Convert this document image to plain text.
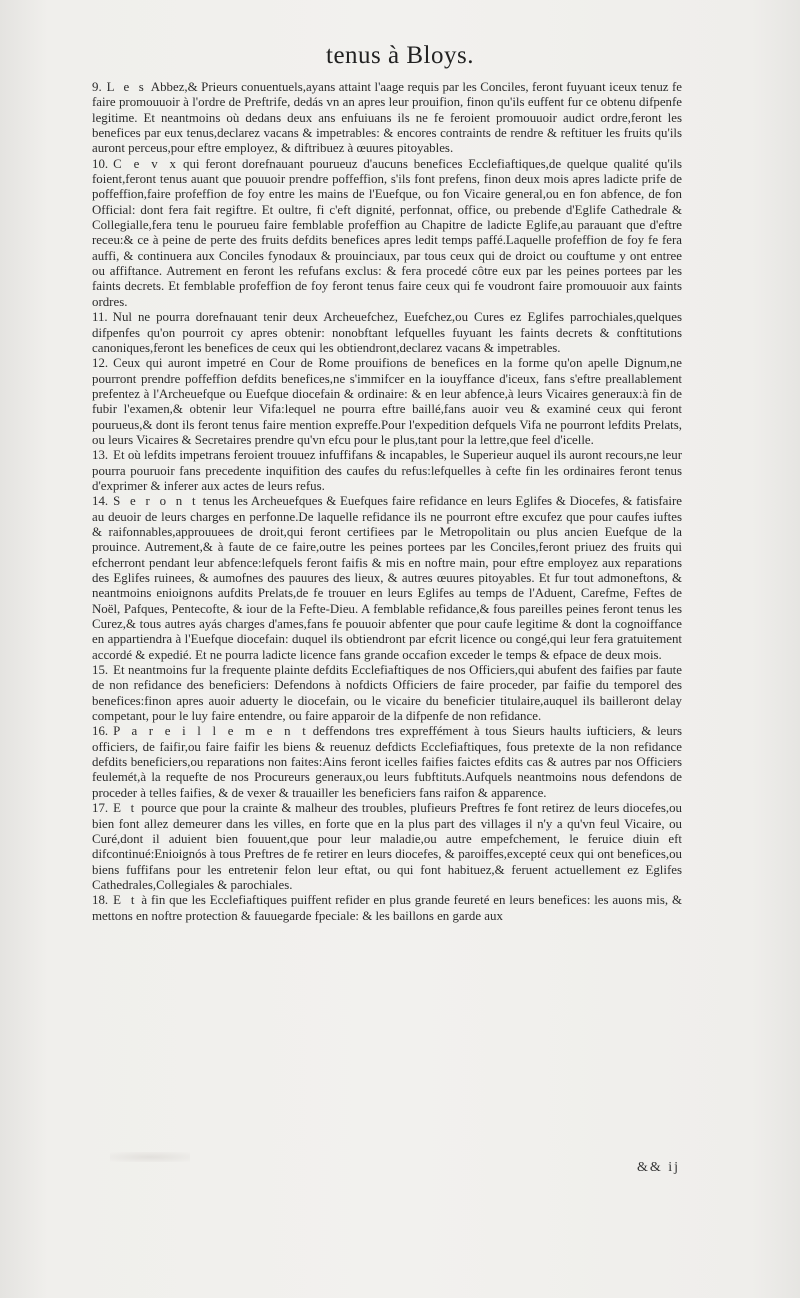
tenus à Bloys.

9. L e s Abbez,& Prieurs conuentuels,ayans attaint l'aage requis par les Conciles, feront fuyuant iceux tenuz fe faire promouuoir à l'ordre de Preftrife, dedás vn an apres leur prouifion, finon qu'ils euffent fur ce obtenu difpenfe legitime. Et neantmoins où dedans deux ans enfuiuans ils ne fe feroient promouuoir audict ordre,feront les benefices par eux tenus,declarez vacans & impetrables: & encores contraints de rendre & reftituer les fruits qu'ils auront perceus,pour eftre employez, & diftribuez à œuures pitoyables.

10. C e v x qui feront dorefnauant pourueuz d'aucuns benefices Ecclefiaftiques,de quelque qualité qu'ils foient,feront tenus auant que pouuoir prendre poffeffion, s'ils font prefens, finon deux mois apres ladicte prife de poffeffion,faire profeffion de foy entre les mains de l'Euefque, ou fon Vicaire general,ou en fon abfence, de fon Official: dont fera fait regiftre. Et oultre, fi c'eft dignité, perfonnat, office, ou prebende d'Eglife Cathedrale & Collegialle,fera tenu le pourueu faire femblable profeffion au Chapitre de ladicte Eglife,au parauant que d'eftre receu:& ce à peine de perte des fruits defdits benefices apres ledit temps paffé.Laquelle profeffion de foy fe fera auffi, & continuera aux Conciles fynodaux & prouinciaux, par tous ceux qui de droict ou couftume y ont entree ou affiftance. Autrement en feront les refufans exclus: & fera procedé côtre eux par les peines portees par les faints decrets. Et femblable profeffion de foy feront tenus faire ceux qui fe voudront faire promouuoir aux faints ordres.

11. Nul ne pourra dorefnauant tenir deux Archeuefchez, Euefchez,ou Cures ez Eglifes parrochiales,quelques difpenfes qu'on pourroit cy apres obtenir: nonobftant lefquelles fuyuant les faints decrets & conftitutions canoniques,feront les benefices de ceux qui les obtiendront,declarez vacans & impetrables.

12. Ceux qui auront impetré en Cour de Rome prouifions de benefices en la forme qu'on apelle Dignum,ne pourront prendre poffeffion defdits benefices,ne s'immifcer en la iouyffance d'iceux, fans s'eftre preallablement prefentez à l'Archeuefque ou Euefque diocefain & ordinaire: & en leur abfence,à leurs Vicaires generaux:à fin de fubir l'examen,& obtenir leur Vifa:lequel ne pourra eftre baillé,fans auoir veu & examiné ceux qui feront pourueus,& dont ils feront tenus faire mention expreffe.Pour l'expedition defquels Vifa ne pourront lefdits Prelats, ou leurs Vicaires & Secretaires prendre qu'vn efcu pour le plus,tant pour la lettre,que feel d'icelle.

13. Et où lefdits impetrans feroient trouuez infuffifans & incapables, le Superieur auquel ils auront recours,ne leur pourra pouruoir fans precedente inquifition des caufes du refus:lefquelles à cefte fin les ordinaires feront tenus d'exprimer & inferer aux actes de leurs refus.

14. S e r o n t tenus les Archeuefques & Euefques faire refidance en leurs Eglifes & Diocefes, & fatisfaire au deuoir de leurs charges en perfonne.De laquelle refidance ils ne pourront eftre excufez que pour caufes iuftes & raifonnables,approuuees de droit,qui feront certifiees par le Metropolitain ou plus ancien Euefque de la prouince. Autrement,& à faute de ce faire,outre les peines portees par les Conciles,feront priuez des fruits qui efcherront pendant leur abfence:lefquels feront faifis & mis en noftre main, pour eftre employez aux reparations des Eglifes ruinees, & aumofnes des pauures des lieux, & autres œuures pitoyables. Et fur tout admoneftons, & neantmoins enioignons aufdits Prelats,de fe trouuer en leurs Eglifes au temps de l'Aduent, Carefme, Feftes de Noël, Pafques, Pentecofte, & iour de la Fefte-Dieu. A femblable refidance,& fous pareilles peines feront tenus les Curez,& tous autres ayás charges d'ames,fans fe pouuoir abfenter que pour caufe legitime & dont la cognoiffance en appartiendra à l'Euefque diocefain: duquel ils obtiendront par efcrit licence ou congé,qui leur fera gratuitement accordé & expedié. Et ne pourra ladicte licence fans grande occafion exceder le temps & efpace de deux mois.

15. Et neantmoins fur la frequente plainte defdits Ecclefiaftiques de nos Officiers,qui abufent des faifies par faute de non refidance des beneficiers: Defendons à nofdicts Officiers de faire proceder, par faifie du temporel des benefices:finon apres auoir aduerty le diocefain, ou le vicaire du beneficier titulaire,auquel ils bailleront delay competant, pour le luy faire entendre, ou faire apparoir de la difpenfe de non refidance.

16. P a r e i l l e m e n t deffendons tres expreffément à tous Sieurs haults iufticiers, & leurs officiers, de faifir,ou faire faifir les biens & reuenuz defdicts Ecclefiaftiques, fous pretexte de la non refidance defdits beneficiers,ou reparations non faites:Ains feront icelles faifies faictes efdits cas & autres par nos Officiers feulemét,à la requefte de nos Procureurs generaux,ou leurs fubftituts.Aufquels neantmoins nous defendons de proceder à telles faifies, & de vexer & trauailler les beneficiers fans raifon & apparence.

17. E t pource que pour la crainte & malheur des troubles, plufieurs Preftres fe font retirez de leurs diocefes,ou bien font allez demeurer dans les villes, en forte que en la plus part des villages il n'y a qu'vn feul Vicaire, ou Curé,dont il aduient bien fouuent,que pour leur maladie,ou autre empefchement, le feruice diuin eft difcontinué:Enioignós à tous Preftres de fe retirer en leurs diocefes, & paroiffes,excepté ceux qui ont benefices,ou biens fuffifans pour les entretenir felon leur eftat, ou qui font habituez,& feruent actuellement ez Eglifes Cathedrales,Collegiales & parochiales.

18. E t à fin que les Ecclefiaftiques puiffent refider en plus grande feureté en leurs benefices: les auons mis, & mettons en noftre protection & fauuegarde fpeciale: & les baillons en garde aux

&& ij
